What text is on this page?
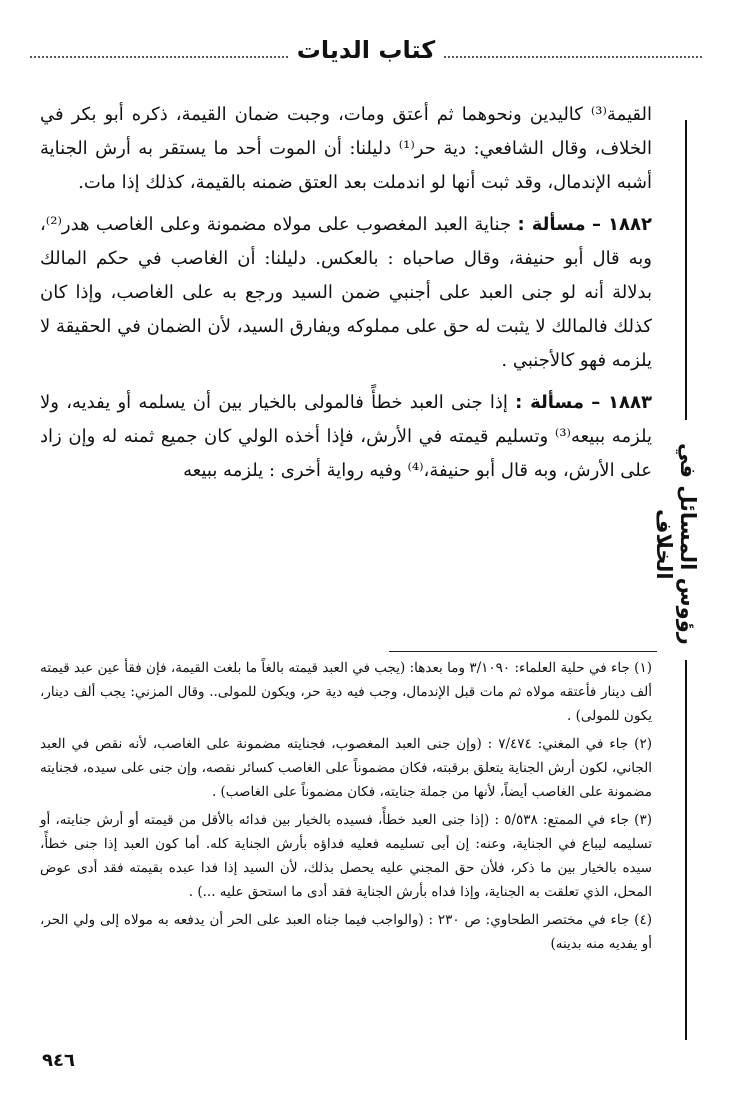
كتاب الديات
رؤوس المسائل في الخلاف

القيمة⁽³⁾ كاليدين ونحوهما ثم أعتق ومات، وجبت ضمان القيمة، ذكره أبو بكر في الخلاف، وقال الشافعي: دية حر⁽¹⁾ دليلنا: أن الموت أحد ما يستقر به أرش الجناية أشبه الإندمال، وقد ثبت أنها لو اندملت بعد العتق ضمنه بالقيمة، كذلك إذا مات.

١٨٨٢ – مسألة : جناية العبد المغصوب على مولاه مضمونة وعلى الغاصب هدر⁽²⁾، وبه قال أبو حنيفة، وقال صاحباه : بالعكس. دليلنا: أن الغاصب في حكم المالك بدلالة أنه لو جنى العبد على أجنبي ضمن السيد ورجع به على الغاصب، وإذا كان كذلك فالمالك لا يثبت له حق على مملوكه ويفارق السيد، لأن الضمان في الحقيقة لا يلزمه فهو كالأجنبي .

١٨٨٣ – مسألة : إذا جنى العبد خطأً فالمولى بالخيار بين أن يسلمه أو يفديه، ولا يلزمه ببيعه⁽³⁾ وتسليم قيمته في الأرش، فإذا أخذه الولي كان جميع ثمنه له وإن زاد على الأرش، وبه قال أبو حنيفة،⁽⁴⁾ وفيه رواية أخرى : يلزمه ببيعه

(١) جاء في حلية العلماء: ٣/١٠٩٠ وما بعدها: (يجب في العبد قيمته بالغاً ما بلغت القيمة، فإن فقأ عين عبد قيمته ألف دينار فأعتقه مولاه ثم مات قبل الإندمال، وجب فيه دية حر، ويكون للمولى.. وقال المزني: يجب ألف دينار، يكون للمولى) .

(٢) جاء في المغني: ٧/٤٧٤ : (وإن جنى العبد المغصوب، فجنايته مضمونة على الغاصب، لأنه نقص في العبد الجاني، لكون أرش الجناية يتعلق برقبته، فكان مضموناً على الغاصب كسائر نقصه، وإن جنى على سيده، فجنايته مضمونة على الغاصب أيضاً، لأنها من جملة جنايته، فكان مضموناً على الغاصب) .

(٣) جاء في الممتع: ٥/٥٣٨ : (إذا جنى العبد خطأً، فسيده بالخيار بين فدائه بالأقل من قيمته أو أرش جنايته، أو تسليمه ليباع في الجناية، وعنه: إن أبى تسليمه فعليه فداؤه بأرش الجناية كله. أما كون العبد إذا جنى خطأً، سيده بالخيار بين ما ذكر، فلأن حق المجني عليه يحصل بذلك، لأن السيد إذا فدا عبده بقيمته فقد أدى عوض المحل، الذي تعلقت به الجناية، وإذا فداه بأرش الجناية فقد أدى ما استحق عليه ...) .

(٤) جاء في مختصر الطحاوي: ص ٢٣٠ : (والواجب فيما جناه العبد على الحر أن يدفعه به مولاه إلى ولي الحر، أو يفديه منه بدينه)

٩٤٦
